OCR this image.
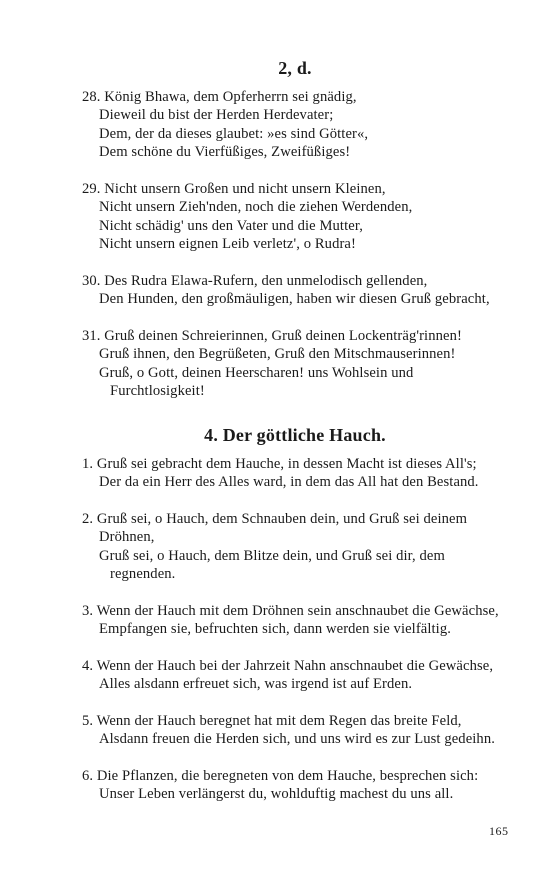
2, d.
28. König Bhawa, dem Opferherrn sei gnädig,
Dieweil du bist der Herden Herdevater;
Dem, der da dieses glaubet: »es sind Götter«,
Dem schöne du Vierfüßiges, Zweifüßiges!
29. Nicht unsern Großen und nicht unsern Kleinen,
Nicht unsern Zieh'nden, noch die ziehen Werdenden,
Nicht schädig' uns den Vater und die Mutter,
Nicht unsern eignen Leib verletz', o Rudra!
30. Des Rudra Elawa-Rufern, den unmelodisch gellenden,
Den Hunden, den großmäuligen, haben wir diesen Gruß gebracht,
31. Gruß deinen Schreierinnen, Gruß deinen Lockenträg'rinnen!
Gruß ihnen, den Begrüßeten, Gruß den Mitschmauserinnen!
Gruß, o Gott, deinen Heerscharen! uns Wohlsein und
Furchtlosigkeit!
4. Der göttliche Hauch.
1. Gruß sei gebracht dem Hauche, in dessen Macht ist dieses All's;
Der da ein Herr des Alles ward, in dem das All hat den Bestand.
2. Gruß sei, o Hauch, dem Schnauben dein, und Gruß sei deinem
Dröhnen,
Gruß sei, o Hauch, dem Blitze dein, und Gruß sei dir, dem
regnenden.
3. Wenn der Hauch mit dem Dröhnen sein anschnaubet die Gewächse,
Empfangen sie, befruchten sich, dann werden sie vielfältig.
4. Wenn der Hauch bei der Jahrzeit Nahn anschnaubet die Gewächse,
Alles alsdann erfreuet sich, was irgend ist auf Erden.
5. Wenn der Hauch beregnet hat mit dem Regen das breite Feld,
Alsdann freuen die Herden sich, und uns wird es zur Lust gedeihn.
6. Die Pflanzen, die beregneten von dem Hauche, besprechen sich:
Unser Leben verlängerst du, wohlduftig machest du uns all.
165
